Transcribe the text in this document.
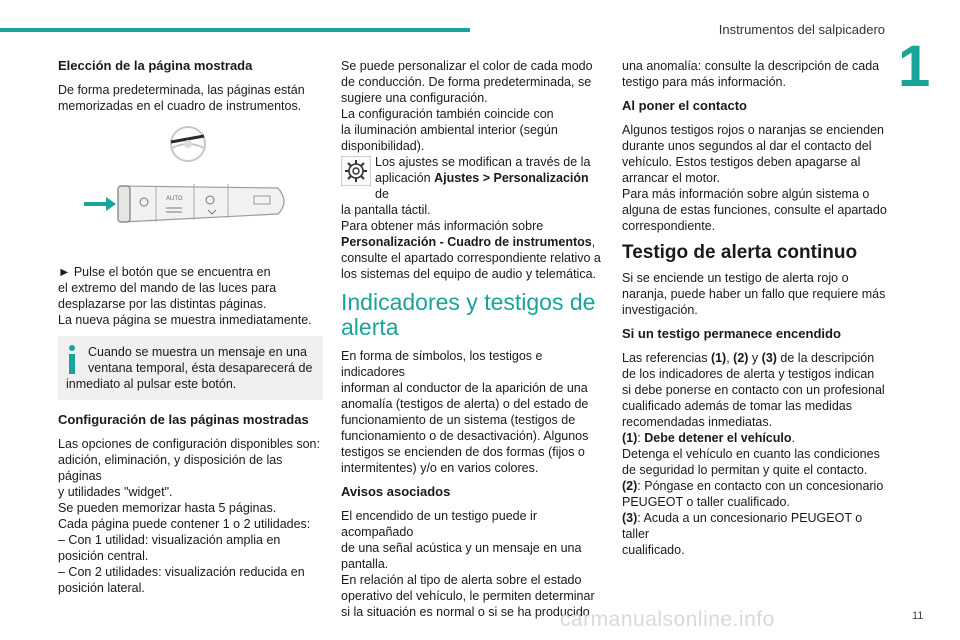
Instrumentos del salpicadero
1
Elección de la página mostrada

De forma predeterminada, las páginas están
memorizadas en el cuadro de instrumentos.

AUTO

► Pulse el botón que se encuentra en
el extremo del mando de las luces para
desplazarse por las distintas páginas.
La nueva página se muestra inmediatamente.

Cuando se muestra un mensaje en una
ventana temporal, ésta desaparecerá de
inmediato al pulsar este botón.
Configuración de las páginas mostradas

Las opciones de configuración disponibles son:
adición, eliminación, y disposición de las páginas
y utilidades "widget".
Se pueden memorizar hasta 5 páginas.
Cada página puede contener 1 o 2 utilidades:
– Con 1 utilidad: visualización amplia en
posición central.
– Con 2 utilidades: visualización reducida en
posición lateral.

Se puede personalizar el color de cada modo
de conducción. De forma predeterminada, se
sugiere una configuración.
La configuración también coincide con
la iluminación ambiental interior (según
disponibilidad).

Los ajustes se modifican a través de la
aplicación Ajustes > Personalización de
la pantalla táctil.

Para obtener más información sobre
Personalización - Cuadro de instrumentos,
consulte el apartado correspondiente relativo a
los sistemas del equipo de audio y telemática.

Indicadores y testigos de
alerta

En forma de símbolos, los testigos e indicadores
informan al conductor de la aparición de una
anomalía (testigos de alerta) o del estado de
funcionamiento de un sistema (testigos de
funcionamiento o de desactivación). Algunos
testigos se encienden de dos formas (fijos o
intermitentes) y/o en varios colores.

Avisos asociados

El encendido de un testigo puede ir acompañado
de una señal acústica y un mensaje en una
pantalla.
En relación al tipo de alerta sobre el estado
operativo del vehículo, le permiten determinar
si la situación es normal o si se ha producido

una anomalía: consulte la descripción de cada
testigo para más información.

Al poner el contacto

Algunos testigos rojos o naranjas se encienden
durante unos segundos al dar el contacto del
vehículo. Estos testigos deben apagarse al
arrancar el motor.
Para más información sobre algún sistema o
alguna de estas funciones, consulte el apartado
correspondiente.

Testigo de alerta continuo

Si se enciende un testigo de alerta rojo o
naranja, puede haber un fallo que requiere más
investigación.

Si un testigo permanece encendido

Las referencias (1), (2) y (3) de la descripción
de los indicadores de alerta y testigos indican
si debe ponerse en contacto con un profesional
cualificado además de tomar las medidas
recomendadas inmediatas.
(1): Debe detener el vehículo.
Detenga el vehículo en cuanto las condiciones
de seguridad lo permitan y quite el contacto.
(2): Póngase en contacto con un concesionario
PEUGEOT o taller cualificado.
(3): Acuda a un concesionario PEUGEOT o taller
cualificado.

carmanualsonline.info	11
